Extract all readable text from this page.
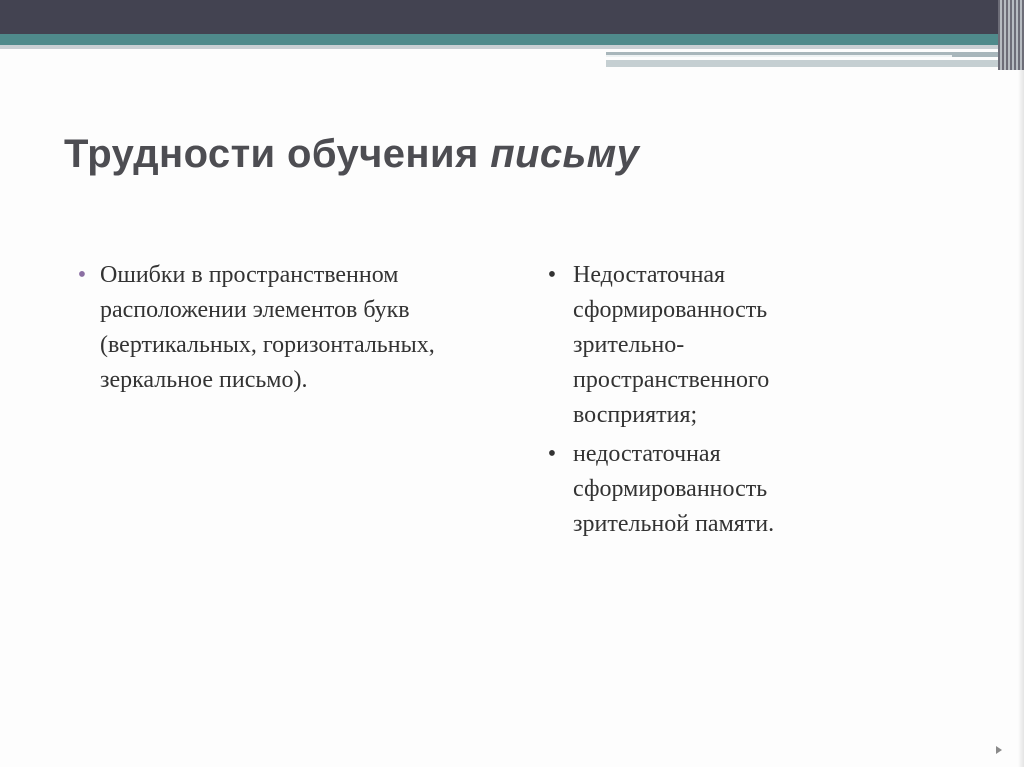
Трудности обучения письму
• Ошибки в пространственном расположении элементов букв (вертикальных, горизонтальных, зеркальное письмо).
• Недостаточная сформированность зрительно-пространственного восприятия;
• недостаточная сформированность зрительной памяти.
